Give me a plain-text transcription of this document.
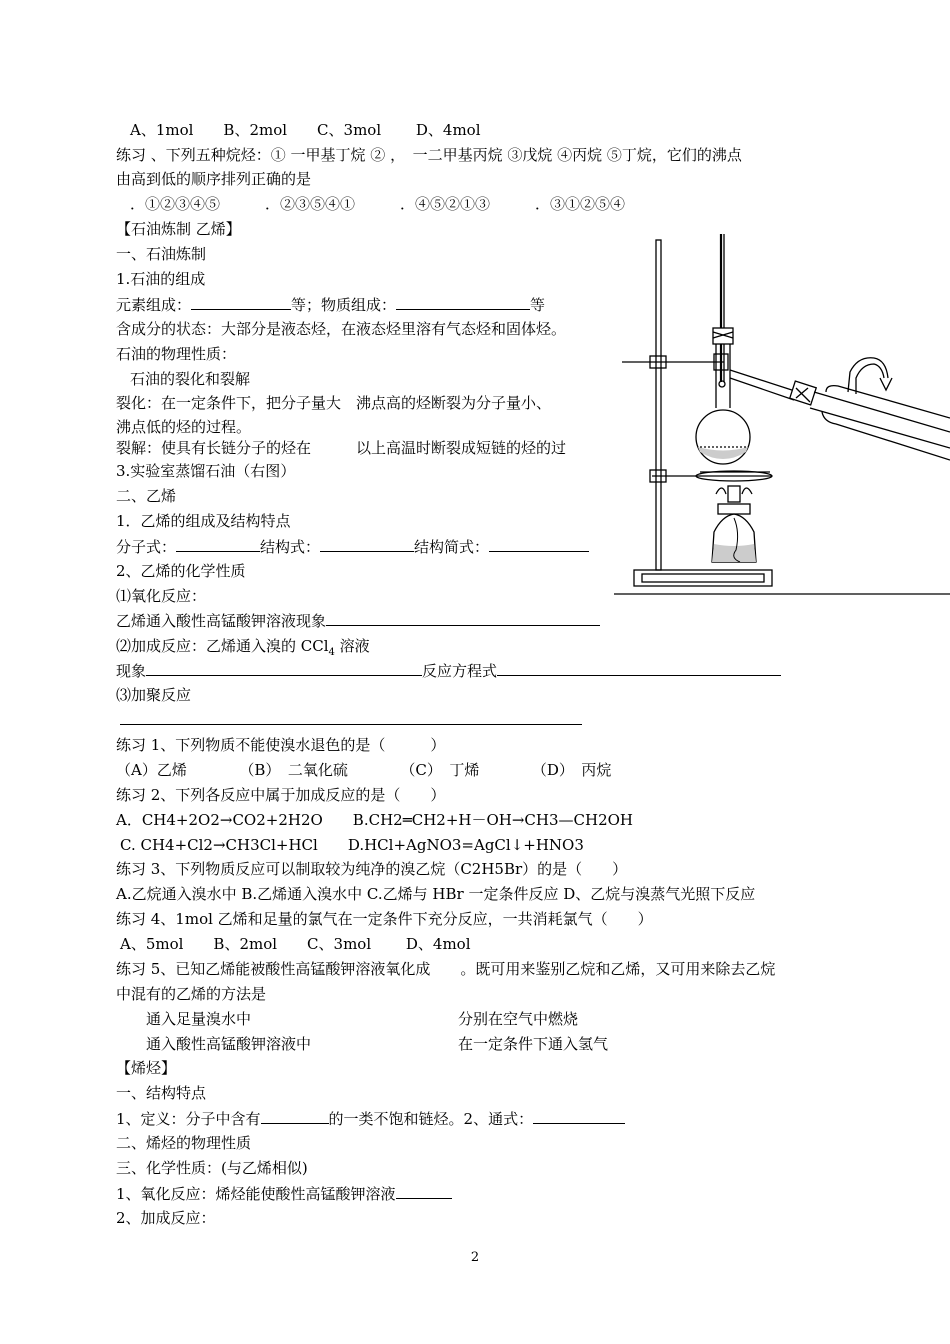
A、1mol　　B、2mol　　C、3mol　　 D、4mol
练习 、下列五种烷烃：① 一甲基丁烷 ② ，　一二甲基丙烷 ③戊烷 ④丙烷 ⑤丁烷，它们的沸点
由高到低的顺序排列正确的是
．①②③④⑤　　　．②③⑤④①　　　．④⑤②①③　　　．③①②⑤④
【石油炼制 乙烯】
一、石油炼制
1.石油的组成
元素组成：	等；物质组成：	等
含成分的状态：大部分是液态烃，在液态烃里溶有气态烃和固体烃。
石油的物理性质：
石油的裂化和裂解
裂化：在一定条件下，把分子量大　沸点高的烃断裂为分子量小、
沸点低的烃的过程。
裂解：使具有长链分子的烃在　　　以上高温时断裂成短链的烃的过
3.实验室蒸馏石油（右图）
二、乙烯
1．乙烯的组成及结构特点
分子式：	结构式：	结构简式：
2、乙烯的化学性质
⑴氧化反应：
乙烯通入酸性高锰酸钾溶液现象
⑵加成反应：乙烯通入溴的 CCl$_4$ 溶液
现象	反应方程式
⑶加聚反应
练习 1、下列物质不能使溴水退色的是（　　　）
（A）乙烯　　　　（B）　二氧化硫　　　　（C）　丁烯　　　　（D）　丙烷
练习 2、下列各反应中属于加成反应的是（　　）
A．CH4+2O2→CO2+2H2O　　B.CH2═CH2+H－OH→CH3—CH2OH
C. CH4+Cl2→CH3Cl+HCl　　D.HCl+AgNO3=AgCl↓+HNO3
练习 3、下列物质反应可以制取较为纯净的溴乙烷（C2H5Br）的是（　　）
A.乙烷通入溴水中 B.乙烯通入溴水中 C.乙烯与 HBr 一定条件反应 D、乙烷与溴蒸气光照下反应
练习 4、1mol 乙烯和足量的氯气在一定条件下充分反应，一共消耗氯气（　　）
A、5mol　　B、2mol　　C、3mol　　 D、4mol
练习 5、已知乙烯能被酸性高锰酸钾溶液氧化成　　。既可用来鉴别乙烷和乙烯，又可用来除去乙烷
中混有的乙烯的方法是
通入足量溴水中	分别在空气中燃烧
通入酸性高锰酸钾溶液中	在一定条件下通入氢气
【烯烃】
一、结构特点
1、定义：分子中含有	的一类不饱和链烃。2、通式：
二、烯烃的物理性质
三、化学性质：(与乙烯相似)
1、氧化反应：烯烃能使酸性高锰酸钾溶液
2、加成反应：
2
